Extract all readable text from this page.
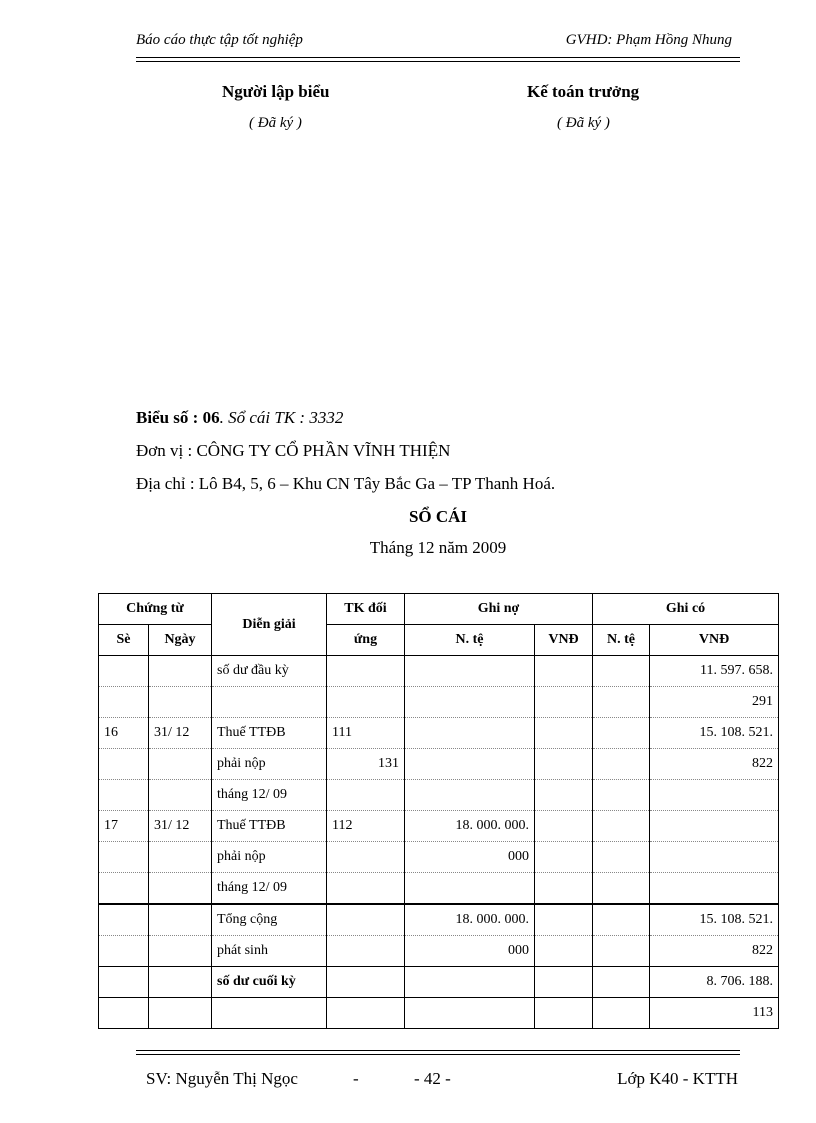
Báo cáo thực tập tốt nghiệp	GVHD: Phạm Hồng Nhung
Người lập biểu
( Đã ký )
Kế toán trưởng
( Đã ký )
Biểu số : 06. Sổ cái TK : 3332
Đơn vị : CÔNG TY CỔ PHẦN VĨNH THIỆN
Địa chỉ : Lô B4, 5, 6 – Khu CN Tây Bắc Ga – TP Thanh Hoá.
SỔ CÁI
Tháng 12 năm 2009
Chứng từ		Diễn giải	TK đối	Ghi nợ		Ghi có	
Sè	Ngày		ứng	N. tệ	VNĐ	N. tệ	VNĐ
		số dư đầu kỳ					11. 597. 658.
							291
16	31/ 12	Thuế TTĐB	111				15. 108. 521.
		phải nộp	131				822
		tháng 12/ 09					
17	31/ 12	Thuế TTĐB	112	18. 000. 000.			
		phải nộp		000			
		tháng 12/ 09					
		Tổng cộng		18. 000. 000.			15. 108. 521.
		phát sinh		000			822
		số dư cuối kỳ					8. 706. 188.
							113
SV: Nguyễn Thị Ngọc	-	- 42 -	Lớp K40 - KTTH
